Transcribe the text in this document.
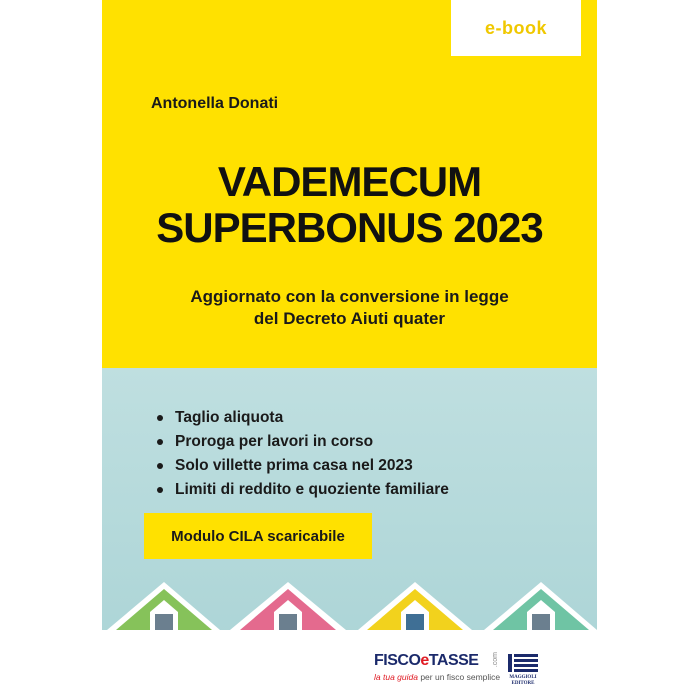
e-book
Antonella Donati
VADEMECUM
SUPERBONUS 2023
Aggiornato con la conversione in legge
del Decreto Aiuti quater
Taglio aliquota
Proroga per lavori in corso
Solo villette prima casa nel 2023
Limiti di reddito e quoziente familiare
Modulo CILA scaricabile
FISCOeTASSE .com
la tua guida per un fisco semplice	MAGGIOLI
EDITORE
